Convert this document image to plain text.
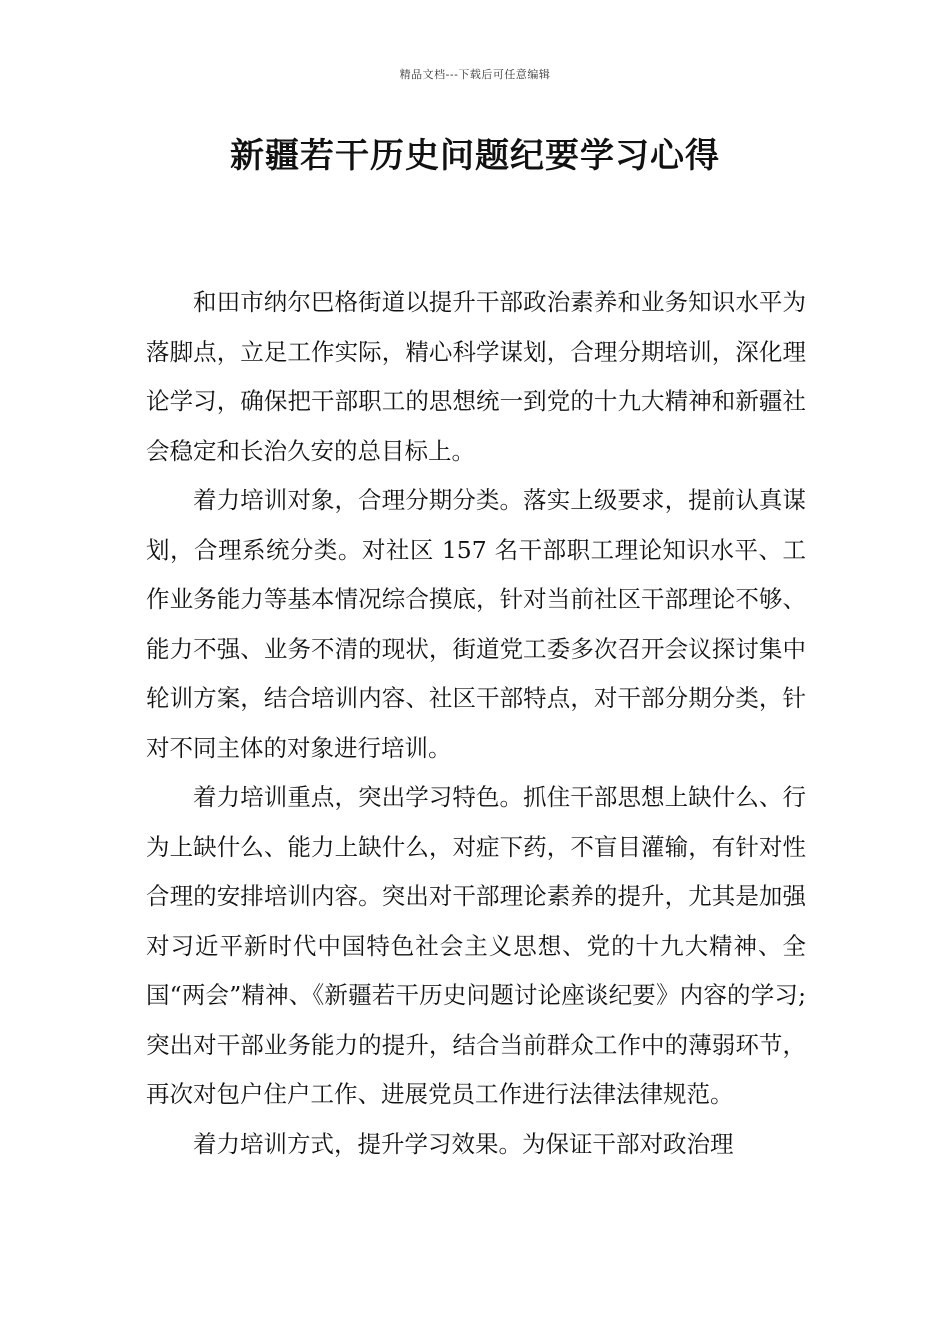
精品文档---下载后可任意编辑
新疆若干历史问题纪要学习心得

和田市纳尔巴格街道以提升干部政治素养和业务知识水平为落脚点，立足工作实际，精心科学谋划，合理分期培训，深化理论学习，确保把干部职工的思想统一到党的十九大精神和新疆社会稳定和长治久安的总目标上。

着力培训对象，合理分期分类。落实上级要求，提前认真谋划，合理系统分类。对社区 157 名干部职工理论知识水平、工作业务能力等基本情况综合摸底，针对当前社区干部理论不够、能力不强、业务不清的现状，街道党工委多次召开会议探讨集中轮训方案，结合培训内容、社区干部特点，对干部分期分类，针对不同主体的对象进行培训。

着力培训重点，突出学习特色。抓住干部思想上缺什么、行为上缺什么、能力上缺什么，对症下药，不盲目灌输，有针对性合理的安排培训内容。突出对干部理论素养的提升，尤其是加强对习近平新时代中国特色社会主义思想、党的十九大精神、全国“两会”精神、《新疆若干历史问题讨论座谈纪要》内容的学习;突出对干部业务能力的提升，结合当前群众工作中的薄弱环节，再次对包户住户工作、进展党员工作进行法律法律规范。

着力培训方式，提升学习效果。为保证干部对政治理
